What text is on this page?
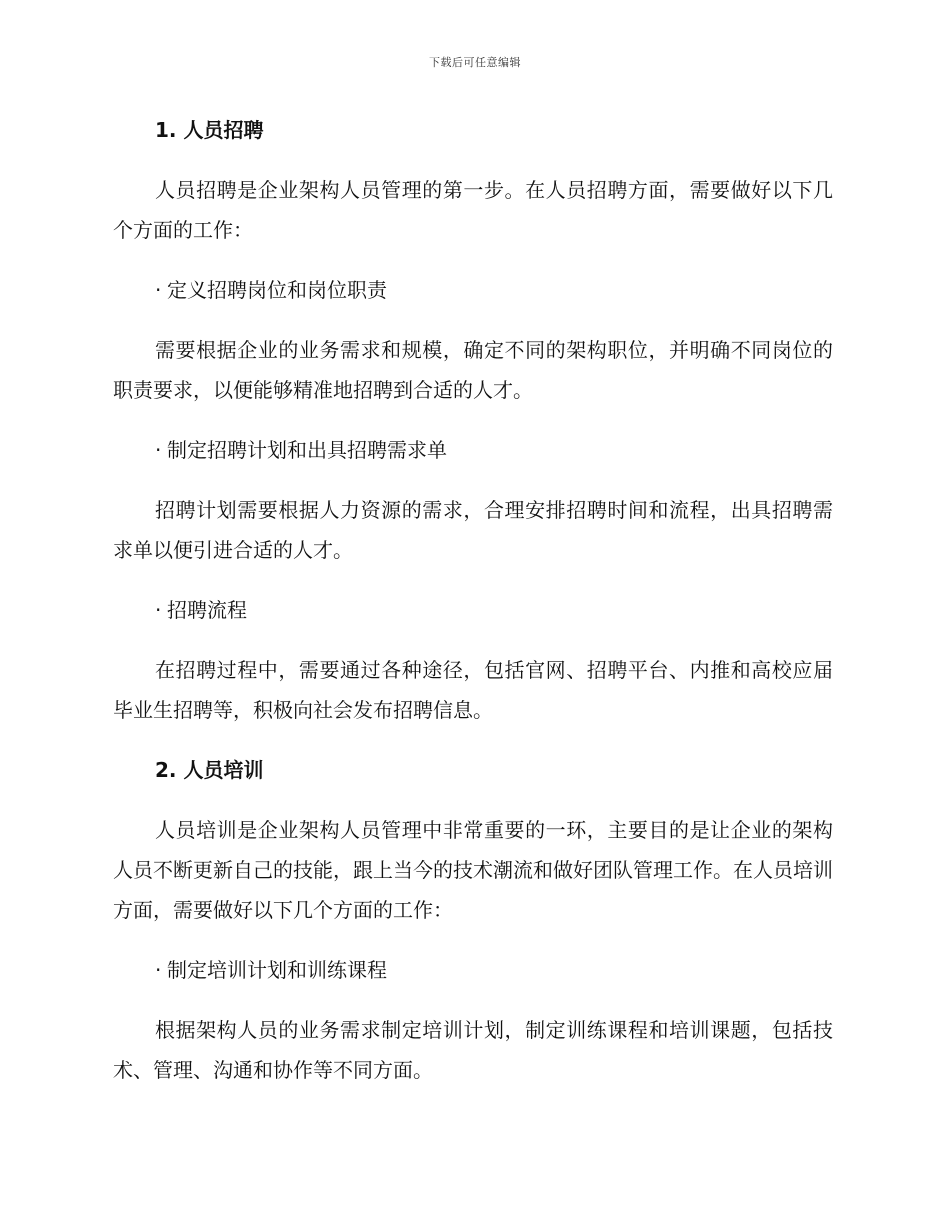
下载后可任意编辑
1. 人员招聘
人员招聘是企业架构人员管理的第一步。在人员招聘方面，需要做好以下几个方面的工作：
· 定义招聘岗位和岗位职责
需要根据企业的业务需求和规模，确定不同的架构职位，并明确不同岗位的职责要求，以便能够精准地招聘到合适的人才。
· 制定招聘计划和出具招聘需求单
招聘计划需要根据人力资源的需求，合理安排招聘时间和流程，出具招聘需求单以便引进合适的人才。
· 招聘流程
在招聘过程中，需要通过各种途径，包括官网、招聘平台、内推和高校应届毕业生招聘等，积极向社会发布招聘信息。
2. 人员培训
人员培训是企业架构人员管理中非常重要的一环，主要目的是让企业的架构人员不断更新自己的技能，跟上当今的技术潮流和做好团队管理工作。在人员培训方面，需要做好以下几个方面的工作：
· 制定培训计划和训练课程
根据架构人员的业务需求制定培训计划，制定训练课程和培训课题，包括技术、管理、沟通和协作等不同方面。
